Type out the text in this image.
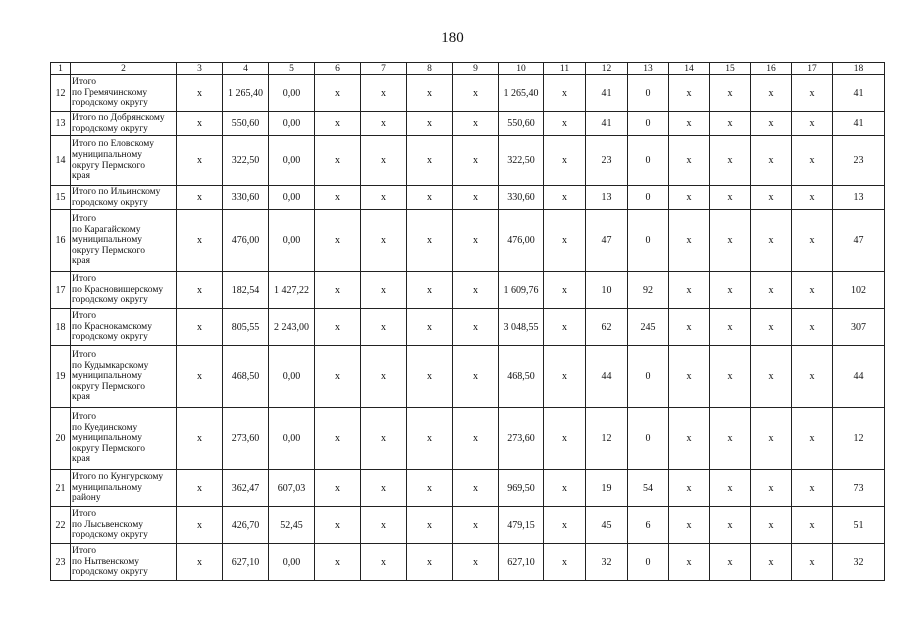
180
1	2	3	4	5	6	7	8	9	10	11	12	13	14	15	16	17	18
12	Итого
по Гремячинскому
городскому округу	х	1 265,40	0,00	х	х	х	х	1 265,40	х	41	0	х	х	х	х	41
13	Итого по Добрянскому
городскому округу	х	550,60	0,00	х	х	х	х	550,60	х	41	0	х	х	х	х	41
14	Итого по Еловскому
муниципальному
округу Пермского
края	х	322,50	0,00	х	х	х	х	322,50	х	23	0	х	х	х	х	23
15	Итого по Ильинскому
городскому округу	х	330,60	0,00	х	х	х	х	330,60	х	13	0	х	х	х	х	13
16	Итого
по Карагайскому
муниципальному
округу Пермского
края	х	476,00	0,00	х	х	х	х	476,00	х	47	0	х	х	х	х	47
17	Итого
по Красновишерскому
городскому округу	х	182,54	1 427,22	х	х	х	х	1 609,76	х	10	92	х	х	х	х	102
18	Итого
по Краснокамскому
городскому округу	х	805,55	2 243,00	х	х	х	х	3 048,55	х	62	245	х	х	х	х	307
19	Итого
по Кудымкарскому
муниципальному
округу Пермского
края	х	468,50	0,00	х	х	х	х	468,50	х	44	0	х	х	х	х	44
20	Итого
по Куединскому
муниципальному
округу Пермского
края	х	273,60	0,00	х	х	х	х	273,60	х	12	0	х	х	х	х	12
21	Итого по Кунгурскому
муниципальному
району	х	362,47	607,03	х	х	х	х	969,50	х	19	54	х	х	х	х	73
22	Итого
по Лысьвенскому
городскому округу	х	426,70	52,45	х	х	х	х	479,15	х	45	6	х	х	х	х	51
23	Итого
по Нытвенскому
городскому округу	х	627,10	0,00	х	х	х	х	627,10	х	32	0	х	х	х	х	32
